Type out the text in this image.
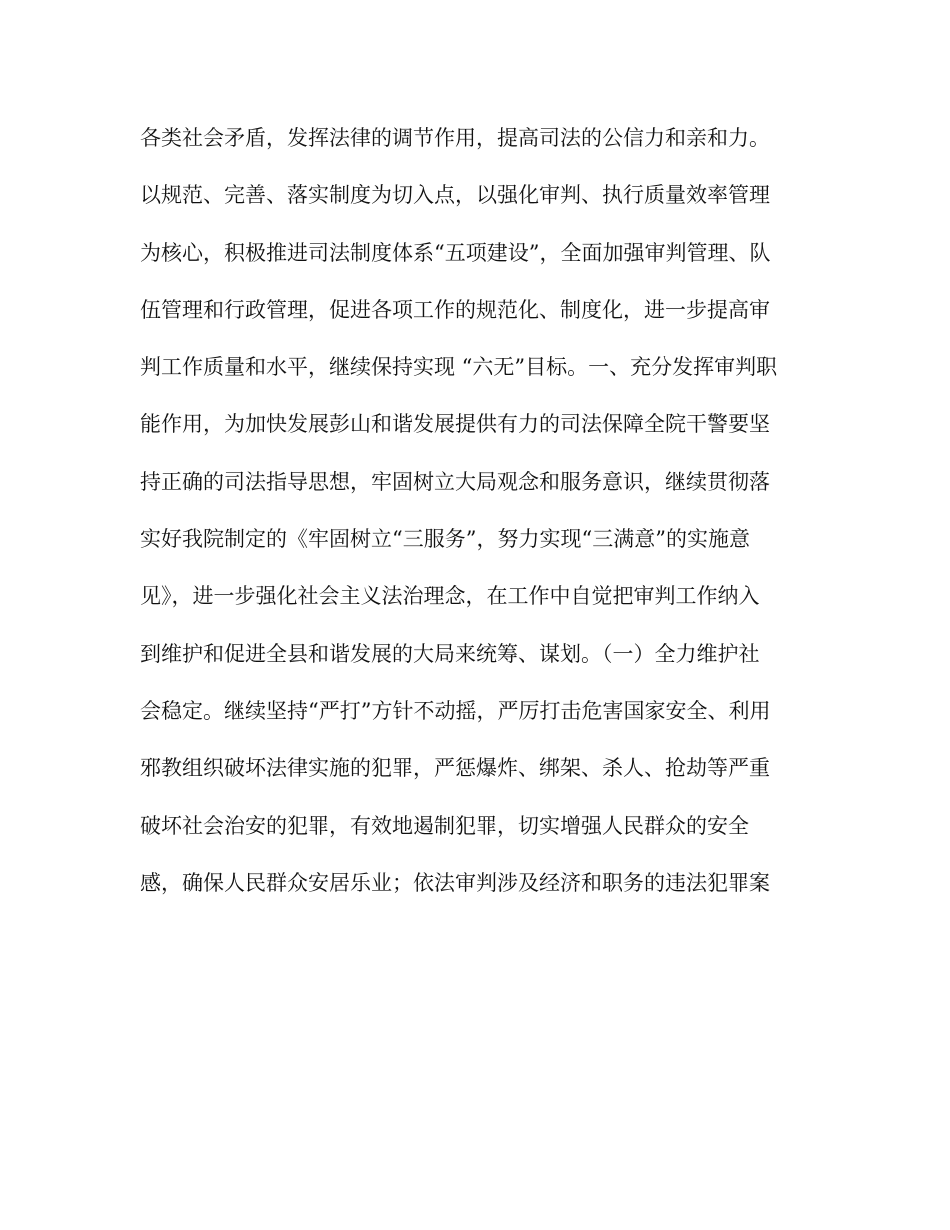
各类社会矛盾，发挥法律的调节作用，提高司法的公信力和亲和力。
以规范、完善、落实制度为切入点，以强化审判、执行质量效率管理
为核心，积极推进司法制度体系“五项建设”，全面加强审判管理、队
伍管理和行政管理，促进各项工作的规范化、制度化，进一步提高审
判工作质量和水平，继续保持实现 “六无”目标。一、充分发挥审判职
能作用，为加快发展彭山和谐发展提供有力的司法保障全院干警要坚
持正确的司法指导思想，牢固树立大局观念和服务意识，继续贯彻落
实好我院制定的《牢固树立“三服务”，努力实现“三满意”的实施意
见》，进一步强化社会主义法治理念，在工作中自觉把审判工作纳入
到维护和促进全县和谐发展的大局来统筹、谋划。（一）全力维护社
会稳定。继续坚持“严打”方针不动摇，严厉打击危害国家安全、利用
邪教组织破坏法律实施的犯罪，严惩爆炸、绑架、杀人、抢劫等严重
破坏社会治安的犯罪，有效地遏制犯罪，切实增强人民群众的安全
感，确保人民群众安居乐业；依法审判涉及经济和职务的违法犯罪案
